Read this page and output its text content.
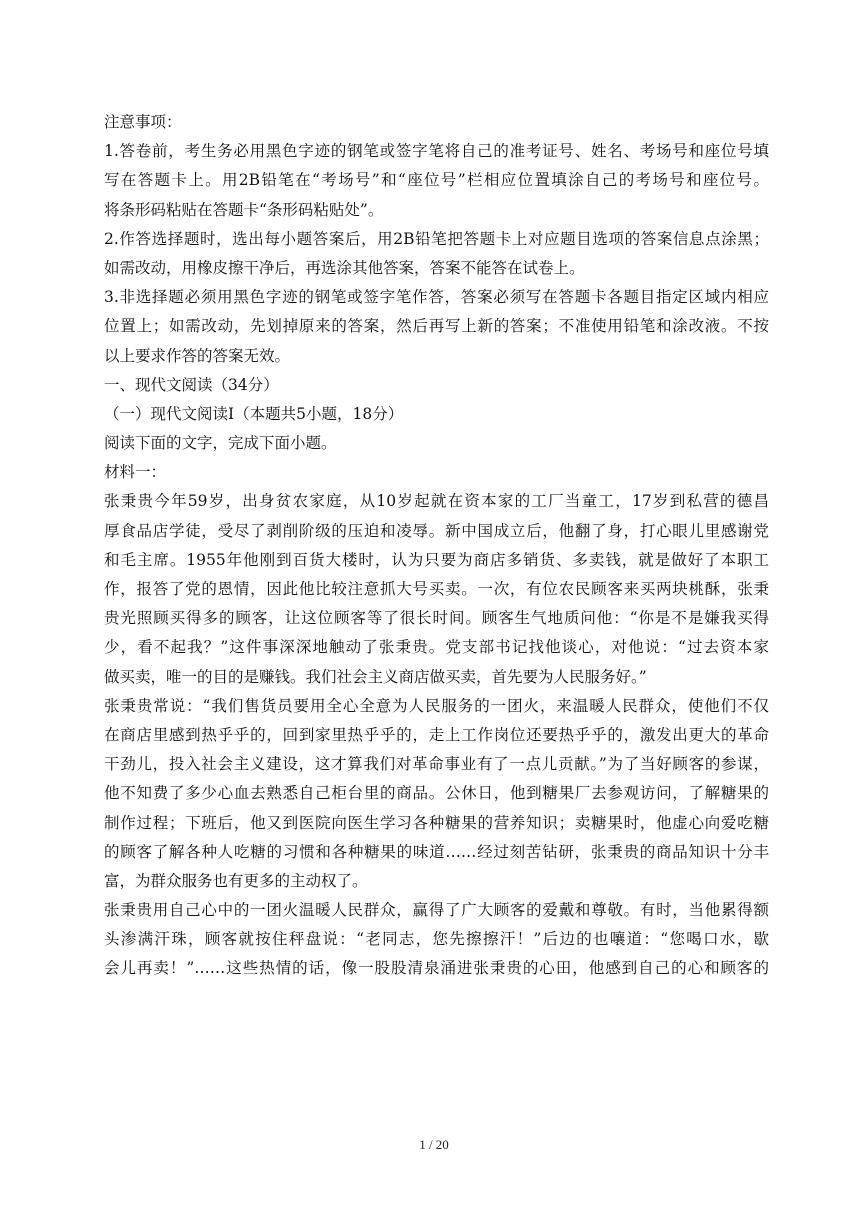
注意事项：
1.答卷前，考生务必用黑色字迹的钢笔或签字笔将自己的准考证号、姓名、考场号和座位号填
写在答题卡上。用2B铅笔在“考场号”和“座位号”栏相应位置填涂自己的考场号和座位号。
将条形码粘贴在答题卡“条形码粘贴处”。
2.作答选择题时，选出每小题答案后，用2B铅笔把答题卡上对应题目选项的答案信息点涂黑；
如需改动，用橡皮擦干净后，再选涂其他答案，答案不能答在试卷上。
3.非选择题必须用黑色字迹的钢笔或签字笔作答，答案必须写在答题卡各题目指定区域内相应
位置上；如需改动，先划掉原来的答案，然后再写上新的答案；不准使用铅笔和涂改液。不按
以上要求作答的答案无效。
一、现代文阅读（34分）
（一）现代文阅读Ⅰ（本题共5小题，18分）
阅读下面的文字，完成下面小题。
材料一：
张秉贵今年59岁，出身贫农家庭，从10岁起就在资本家的工厂当童工，17岁到私营的德昌
厚食品店学徒，受尽了剥削阶级的压迫和凌辱。新中国成立后，他翻了身，打心眼儿里感谢党
和毛主席。1955年他刚到百货大楼时，认为只要为商店多销货、多卖钱，就是做好了本职工
作，报答了党的恩情，因此他比较注意抓大号买卖。一次，有位农民顾客来买两块桃酥，张秉
贵光照顾买得多的顾客，让这位顾客等了很长时间。顾客生气地质问他：“你是不是嫌我买得
少，看不起我？”这件事深深地触动了张秉贵。党支部书记找他谈心，对他说：“过去资本家
做买卖，唯一的目的是赚钱。我们社会主义商店做买卖，首先要为人民服务好。”
张秉贵常说：“我们售货员要用全心全意为人民服务的一团火，来温暖人民群众，使他们不仅
在商店里感到热乎乎的，回到家里热乎乎的，走上工作岗位还要热乎乎的，激发出更大的革命
干劲儿，投入社会主义建设，这才算我们对革命事业有了一点儿贡献。”为了当好顾客的参谋，
他不知费了多少心血去熟悉自己柜台里的商品。公休日，他到糖果厂去参观访问，了解糖果的
制作过程；下班后，他又到医院向医生学习各种糖果的营养知识；卖糖果时，他虚心向爱吃糖
的顾客了解各种人吃糖的习惯和各种糖果的味道……经过刻苦钻研，张秉贵的商品知识十分丰
富，为群众服务也有更多的主动权了。
张秉贵用自己心中的一团火温暖人民群众，赢得了广大顾客的爱戴和尊敬。有时，当他累得额
头渗满汗珠，顾客就按住秤盘说：“老同志，您先擦擦汗！”后边的也嚷道：“您喝口水，歇
会儿再卖！”……这些热情的话，像一股股清泉涌进张秉贵的心田，他感到自己的心和顾客的
1 / 20
